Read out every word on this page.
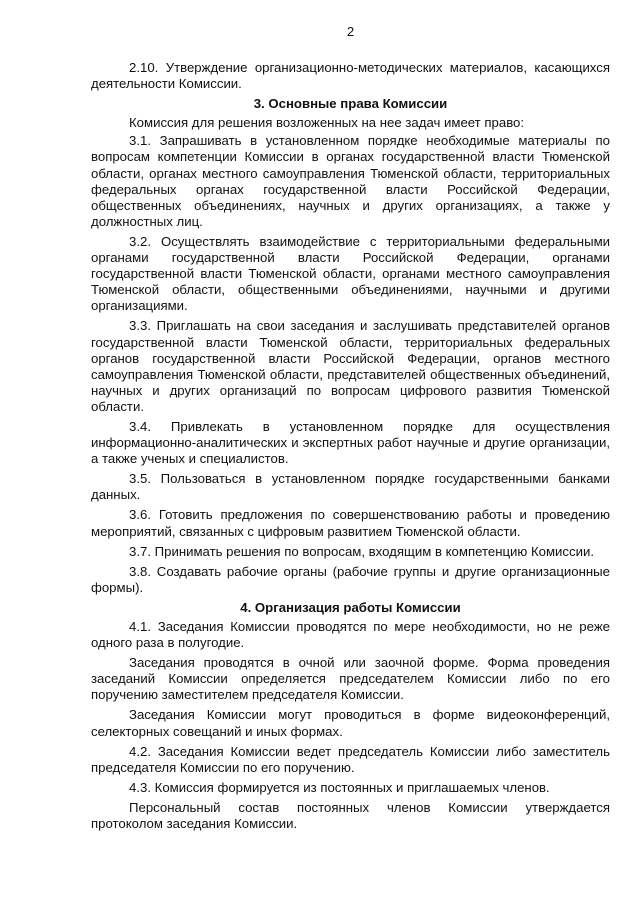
2

2.10. Утверждение организационно-методических материалов, касающихся деятельности Комиссии.

3. Основные права Комиссии

Комиссия для решения возложенных на нее задач имеет право:

3.1. Запрашивать в установленном порядке необходимые материалы по вопросам компетенции Комиссии в органах государственной власти Тюменской области, органах местного самоуправления Тюменской области, территориальных федеральных органах государственной власти Российской Федерации, общественных объединениях, научных и других организациях, а также у должностных лиц.

3.2. Осуществлять взаимодействие с территориальными федеральными органами государственной власти Российской Федерации, органами государственной власти Тюменской области, органами местного самоуправления Тюменской области, общественными объединениями, научными и другими организациями.

3.3. Приглашать на свои заседания и заслушивать представителей органов государственной власти Тюменской области, территориальных федеральных органов государственной власти Российской Федерации, органов местного самоуправления Тюменской области, представителей общественных объединений, научных и других организаций по вопросам цифрового развития Тюменской области.

3.4. Привлекать в установленном порядке для осуществления информационно-аналитических и экспертных работ научные и другие организации, а также ученых и специалистов.

3.5. Пользоваться в установленном порядке государственными банками данных.

3.6. Готовить предложения по совершенствованию работы и проведению мероприятий, связанных с цифровым развитием Тюменской области.

3.7. Принимать решения по вопросам, входящим в компетенцию Комиссии.

3.8. Создавать рабочие органы (рабочие группы и другие организационные формы).

4. Организация работы Комиссии

4.1. Заседания Комиссии проводятся по мере необходимости, но не реже одного раза в полугодие.

Заседания проводятся в очной или заочной форме. Форма проведения заседаний Комиссии определяется председателем Комиссии либо по его поручению заместителем председателя Комиссии.

Заседания Комиссии могут проводиться в форме видеоконференций, селекторных совещаний и иных формах.

4.2. Заседания Комиссии ведет председатель Комиссии либо заместитель председателя Комиссии по его поручению.

4.3. Комиссия формируется из постоянных и приглашаемых членов.

Персональный состав постоянных членов Комиссии утверждается протоколом заседания Комиссии.
